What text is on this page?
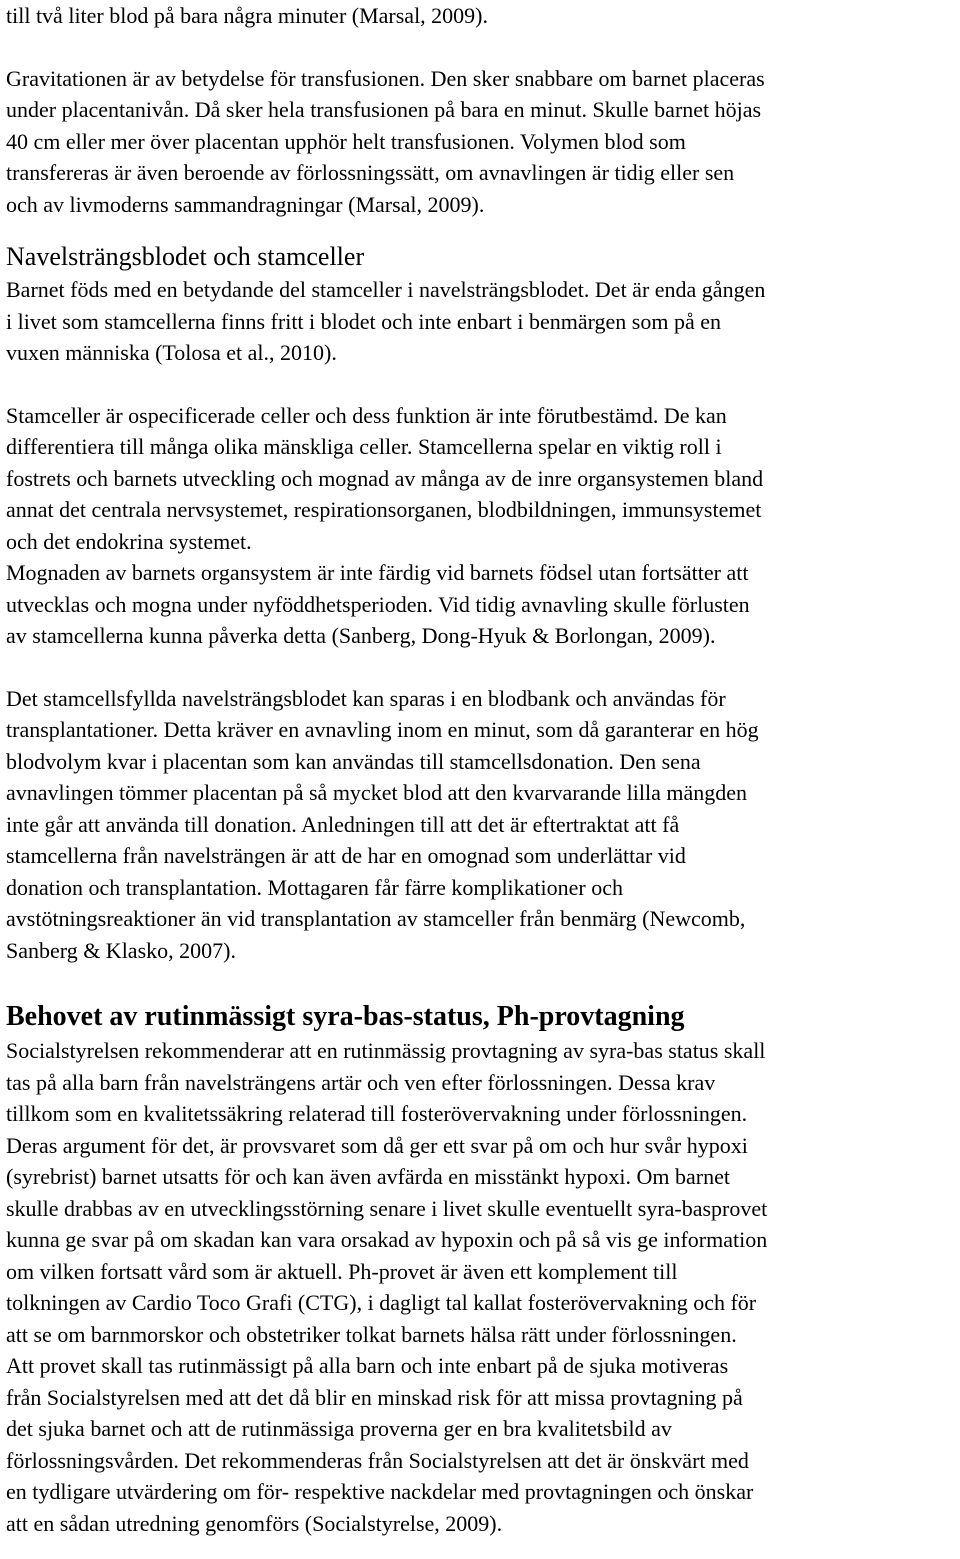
till två liter blod på bara några minuter (Marsal, 2009).

Gravitationen är av betydelse för transfusionen. Den sker snabbare om barnet placeras

under placentanivån. Då sker hela transfusionen på bara en minut. Skulle barnet höjas

40 cm eller mer över placentan upphör helt transfusionen. Volymen blod som

transfereras är även beroende av förlossningssätt, om avnavlingen är tidig eller sen

och av livmoderns sammandragningar (Marsal, 2009).

Navelsträngsblodet och stamceller

Barnet föds med en betydande del stamceller i navelsträngsblodet. Det är enda gången

i livet som stamcellerna finns fritt i blodet och inte enbart i benmärgen som på en

vuxen människa (Tolosa et al., 2010).

Stamceller är ospecificerade celler och dess funktion är inte förutbestämd. De kan

differentiera till många olika mänskliga celler. Stamcellerna spelar en viktig roll i

fostrets och barnets utveckling och mognad av många av de inre organsystemen bland

annat det centrala nervsystemet, respirationsorganen, blodbildningen, immunsystemet

och det endokrina systemet.

Mognaden av barnets organsystem är inte färdig vid barnets födsel utan fortsätter att

utvecklas och mogna under nyföddhetsperioden. Vid tidig avnavling skulle förlusten

av stamcellerna kunna påverka detta (Sanberg, Dong-Hyuk & Borlongan, 2009).

Det stamcellsfyllda navelsträngsblodet kan sparas i en blodbank och användas för

transplantationer. Detta kräver en avnavling inom en minut, som då garanterar en hög

blodvolym kvar i placentan som kan användas till stamcellsdonation. Den sena

avnavlingen tömmer placentan på så mycket blod att den kvarvarande lilla mängden

inte går att använda till donation. Anledningen till att det är eftertraktat att få

stamcellerna från navelsträngen är att de har en omognad som underlättar vid

donation och transplantation. Mottagaren får färre komplikationer och

avstötningsreaktioner än vid transplantation av stamceller från benmärg (Newcomb,

Sanberg & Klasko, 2007).

Behovet av rutinmässigt syra-bas-status, Ph-provtagning

Socialstyrelsen rekommenderar att en rutinmässig provtagning av syra-bas status skall

tas på alla barn från navelsträngens artär och ven efter förlossningen. Dessa krav

tillkom som en kvalitetssäkring relaterad till fosterövervakning under förlossningen.

Deras argument för det, är provsvaret som då ger ett svar på om och hur svår hypoxi

(syrebrist) barnet utsatts för och kan även avfärda en misstänkt hypoxi. Om barnet

skulle drabbas av en utvecklingsstörning senare i livet skulle eventuellt syra-basprovet

kunna ge svar på om skadan kan vara orsakad av hypoxin och på så vis ge information

om vilken fortsatt vård som är aktuell. Ph-provet är även ett komplement till

tolkningen av Cardio Toco Grafi (CTG), i dagligt tal kallat fosterövervakning och för

att se om barnmorskor och obstetriker tolkat barnets hälsa rätt under förlossningen.

Att provet skall tas rutinmässigt på alla barn och inte enbart på de sjuka motiveras

från Socialstyrelsen med att det då blir en minskad risk för att missa provtagning på

det sjuka barnet och att de rutinmässiga proverna ger en bra kvalitetsbild av

förlossningsvården. Det rekommenderas från Socialstyrelsen att det är önskvärt med

en tydligare utvärdering om för- respektive nackdelar med provtagningen och önskar

att en sådan utredning genomförs (Socialstyrelse, 2009).
